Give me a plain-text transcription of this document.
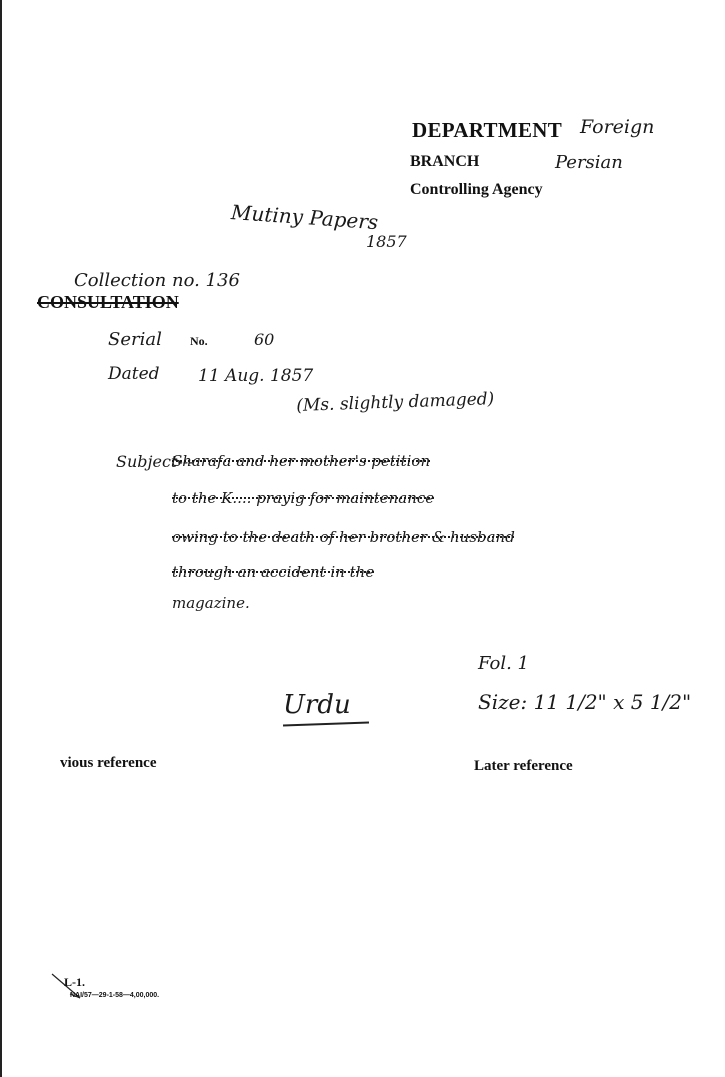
DEPARTMENT Foreign
BRANCH	Persian
Controlling Agency
Mutiny Papers
1857
Collection no. 136
CONSULTATION
Serial No.	60
Dated 11 Aug. 1857
(Ms. slightly damaged)
Subject---
Sharafa and her mother's petition
to the K.... prayig for maintenance
owing to the death of her brother & husband
through an accident in the
magazine.
Urdu
Fol. 1
Size: 11 1/2" x 5 1/2"
vious reference	Later reference
L-1.
NAI/57—29-1-58—4,00,000.
